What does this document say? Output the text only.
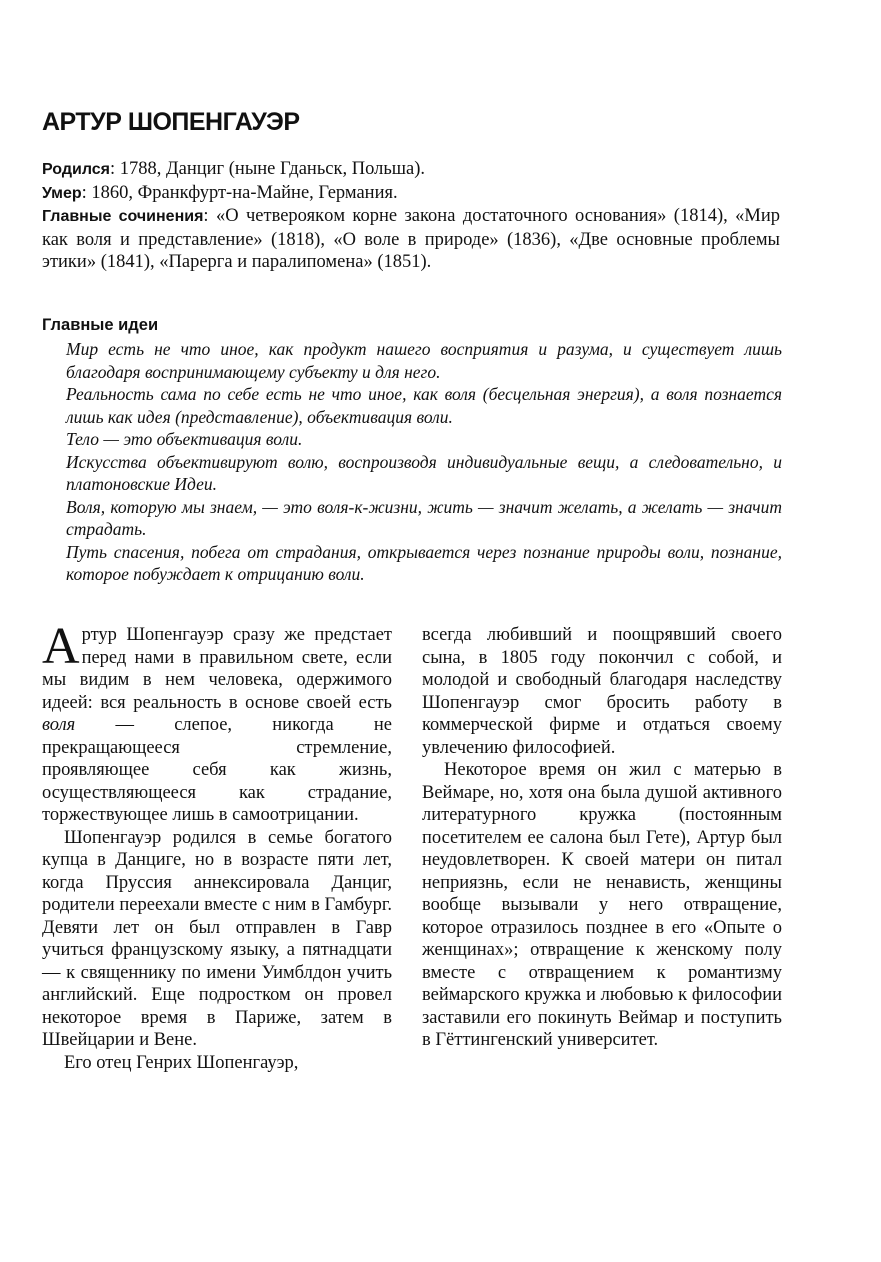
АРТУР ШОПЕНГАУЭР

Родился: 1788, Данциг (ныне Гданьск, Польша).

Умер: 1860, Франкфурт-на-Майне, Германия.

Главные сочинения: «О четвероякoм корне закона достаточного основания» (1814), «Мир как воля и представление» (1818), «О воле в природе» (1836), «Две основные проблемы этики» (1841), «Парерга и паралипомена» (1851).

Главные идеи
Мир есть не что иное, как продукт нашего восприятия и разума, и существует лишь благодаря воспринимающему субъекту и для него.
Реальность сама по себе есть не что иное, как воля (бесцельная энергия), а воля познается лишь как идея (представление), объективация воли.
Тело — это объективация воли.
Искусства объективируют волю, воспроизводя индивидуальные вещи, а следовательно, и платоновские Идеи.
Воля, которую мы знаем, — это воля-к-жизни, жить — значит желать, а желать — значит страдать.
Путь спасения, побега от страдания, открывается через познание природы воли, познание, которое побуждает к отрицанию воли.

Артур Шопенгауэр сразу же предстает перед нами в правильном свете, если мы видим в нем человека, одержимого идеей: вся реальность в основе своей есть воля — слепое, никогда не прекращающееся стремление, проявляющее себя как жизнь, осуществляющееся как страдание, торжествующее лишь в самоотрицании.

Шопенгауэр родился в семье богатого купца в Данциге, но в возрасте пяти лет, когда Пруссия аннексировала Данциг, родители переехали вместе с ним в Гамбург. Девяти лет он был отправлен в Гавр учиться французскому языку, а пятнадцати — к священнику по имени Уимблдон учить английский. Еще подростком он провел некоторое время в Париже, затем в Швейцарии и Вене.

Его отец Генрих Шопенгауэр,

всегда любивший и поощрявший своего сына, в 1805 году покончил с собой, и молодой и свободный благодаря наследству Шопенгауэр смог бросить работу в коммерческой фирме и отдаться своему увлечению философией.

Некоторое время он жил с матерью в Веймаре, но, хотя она была душой активного литературного кружка (постоянным посетителем ее салона был Гете), Артур был неудовлетворен. К своей матери он питал неприязнь, если не ненависть, женщины вообще вызывали у него отвращение, которое отразилось позднее в его «Опыте о женщинах»; отвращение к женскому полу вместе с отвращением к романтизму веймарского кружка и любовью к философии заставили его покинуть Веймар и поступить в Гёттингенский университет.
